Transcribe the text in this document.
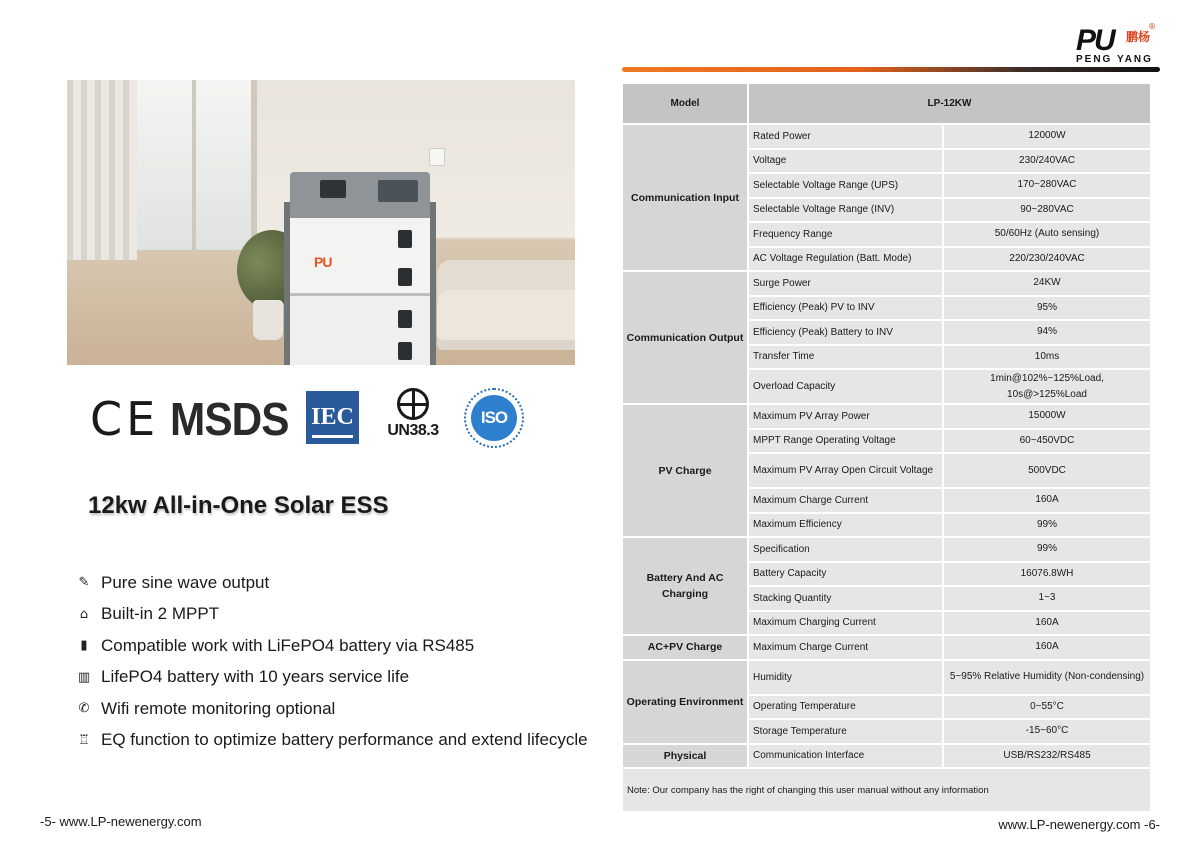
PU
CE MSDS IEC
UN38.3
ISO
12kw All-in-One Solar ESS
✎ Pure sine wave output
⌂ Built-in 2 MPPT
▮ Compatible work with LiFePO4 battery via RS485
▥ LifePO4 battery with 10 years service life
✆ Wifi remote monitoring optional
♖ EQ function to optimize battery performance and extend lifecycle
-5- www.LP-newenergy.com
PU 鹏杨
PENG YANG
®
Model	LP-12KW	
Communication Input	Rated Power	12000W
	Voltage	230/240VAC
	Selectable Voltage Range (UPS)	170~280VAC
	Selectable Voltage Range (INV)	90~280VAC
	Frequency Range	50/60Hz (Auto sensing)
	AC Voltage Regulation (Batt. Mode)	220/230/240VAC
Communication Output	Surge Power	24KW
	Efficiency (Peak) PV to INV	95%
	Efficiency (Peak) Battery to INV	94%
	Transfer Time	10ms
	Overload Capacity	1min@102%~125%Load,
10s@>125%Load

PV Charge	Maximum PV Array Power	15000W
	MPPT Range Operating Voltage	60~450VDC
	Maximum PV Array Open Circuit Voltage	500VDC
	Maximum Charge Current	160A
	Maximum Efficiency	99%
Battery And AC Charging	Specification	99%
	Battery Capacity	16076.8WH
	Stacking Quantity	1~3
	Maximum Charging Current	160A
AC+PV Charge	Maximum Charge Current	160A
Operating Environment	Humidity	5~95% Relative Humidity (Non-condensing)
	Operating Temperature	0~55°C
	Storage Temperature	-15~60°C
Physical	Communication Interface	USB/RS232/RS485
Note: Our company has the right of changing this user manual without any information		
www.LP-newenergy.com -6-
